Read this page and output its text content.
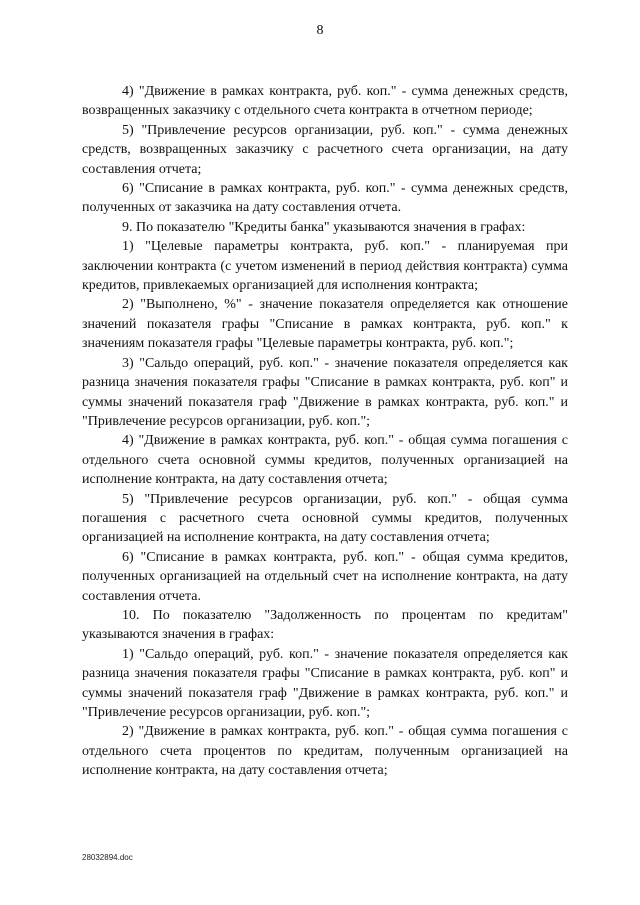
8

4) "Движение в рамках контракта, руб. коп." - сумма денежных средств, возвращенных заказчику с отдельного счета контракта в отчетном периоде;

5) "Привлечение ресурсов организации, руб. коп." - сумма денежных средств, возвращенных заказчику с расчетного счета организации, на дату составления отчета;

6) "Списание в рамках контракта, руб. коп." - сумма денежных средств, полученных от заказчика на дату составления отчета.

9. По показателю "Кредиты банка" указываются значения в графах:

1) "Целевые параметры контракта, руб. коп." - планируемая при заключении контракта (с учетом изменений в период действия контракта) сумма кредитов, привлекаемых организацией для исполнения контракта;

2) "Выполнено, %" - значение показателя определяется как отношение значений показателя графы "Списание в рамках контракта, руб. коп." к значениям показателя графы "Целевые параметры контракта, руб. коп.";

3) "Сальдо операций, руб. коп." - значение показателя определяется как разница значения показателя графы "Списание в рамках контракта, руб. коп" и суммы значений показателя граф "Движение в рамках контракта, руб. коп." и "Привлечение ресурсов организации, руб. коп.";

4) "Движение в рамках контракта, руб. коп." - общая сумма погашения с отдельного счета основной суммы кредитов, полученных организацией на исполнение контракта, на дату составления отчета;

5) "Привлечение ресурсов организации, руб. коп." - общая сумма погашения с расчетного счета основной суммы кредитов, полученных организацией на исполнение контракта, на дату составления отчета;

6) "Списание в рамках контракта, руб. коп." - общая сумма кредитов, полученных организацией на отдельный счет на исполнение контракта, на дату составления отчета.

10. По показателю "Задолженность по процентам по кредитам" указываются значения в графах:

1) "Сальдо операций, руб. коп." - значение показателя определяется как разница значения показателя графы "Списание в рамках контракта, руб. коп" и суммы значений показателя граф "Движение в рамках контракта, руб. коп." и "Привлечение ресурсов организации, руб. коп.";

2) "Движение в рамках контракта, руб. коп." - общая сумма погашения с отдельного счета процентов по кредитам, полученным организацией на исполнение контракта, на дату составления отчета;

28032894.doc
